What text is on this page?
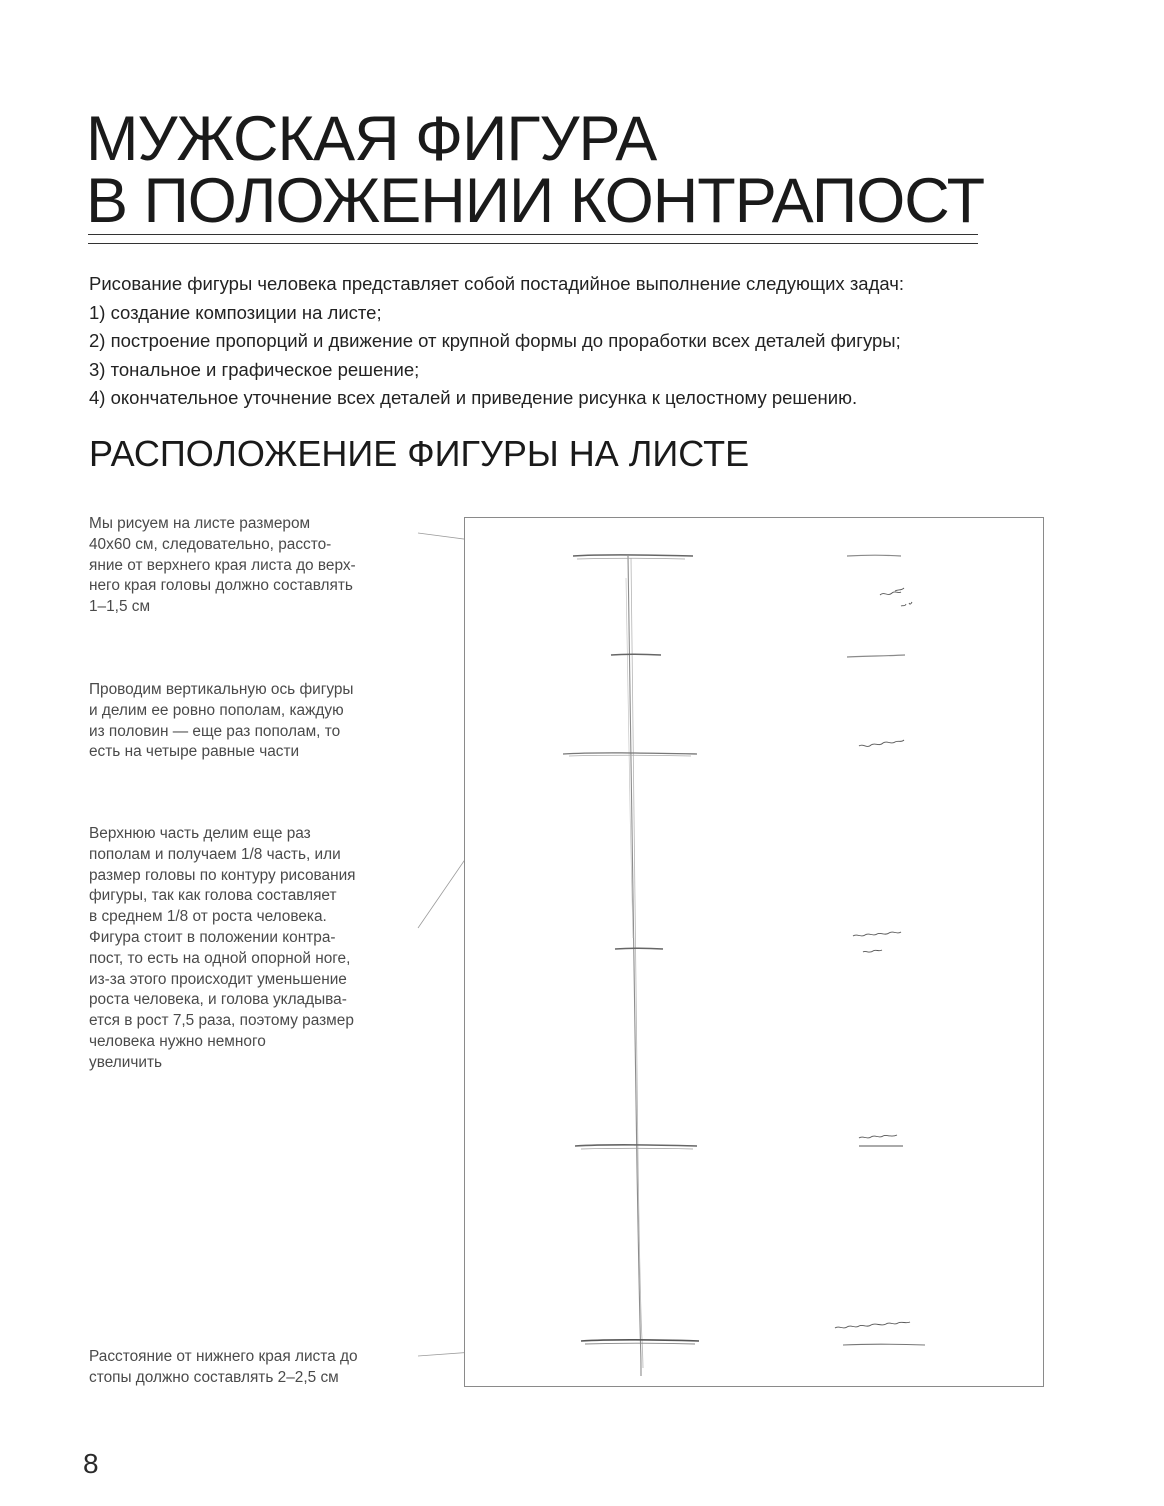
МУЖСКАЯ ФИГУРА
В ПОЛОЖЕНИИ КОНТРАПОСТ

Рисование фигуры человека представляет собой постадийное выполнение следующих задач:

1) создание композиции на листе;

2) построение пропорций и движение от крупной формы до проработки всех деталей фигуры;

3) тональное и графическое решение;

4) окончательное уточнение всех деталей и приведение рисунка к целостному решению.

РАСПОЛОЖЕНИЕ ФИГУРЫ НА ЛИСТЕ
Мы рисуем на листе размером
40х60 см, следовательно, рассто-
яние от верхнего края листа до верх-
него края головы должно составлять
1–1,5 см
Проводим вертикальную ось фигуры
и делим ее ровно пополам, каждую
из половин — еще раз пополам, то
есть на четыре равные части
Верхнюю часть делим еще раз
пополам и получаем 1/8 часть, или
размер головы по контуру рисования
фигуры, так как голова составляет
в среднем 1/8 от роста человека.
Фигура стоит в положении контра-
пост, то есть на одной опорной ноге,
из-за этого происходит уменьшение
роста человека, и голова укладыва-
ется в рост 7,5 раза, поэтому размер
человека нужно немного
увеличить
Расстояние от нижнего края листа до
стопы должно составлять 2–2,5 см
8
